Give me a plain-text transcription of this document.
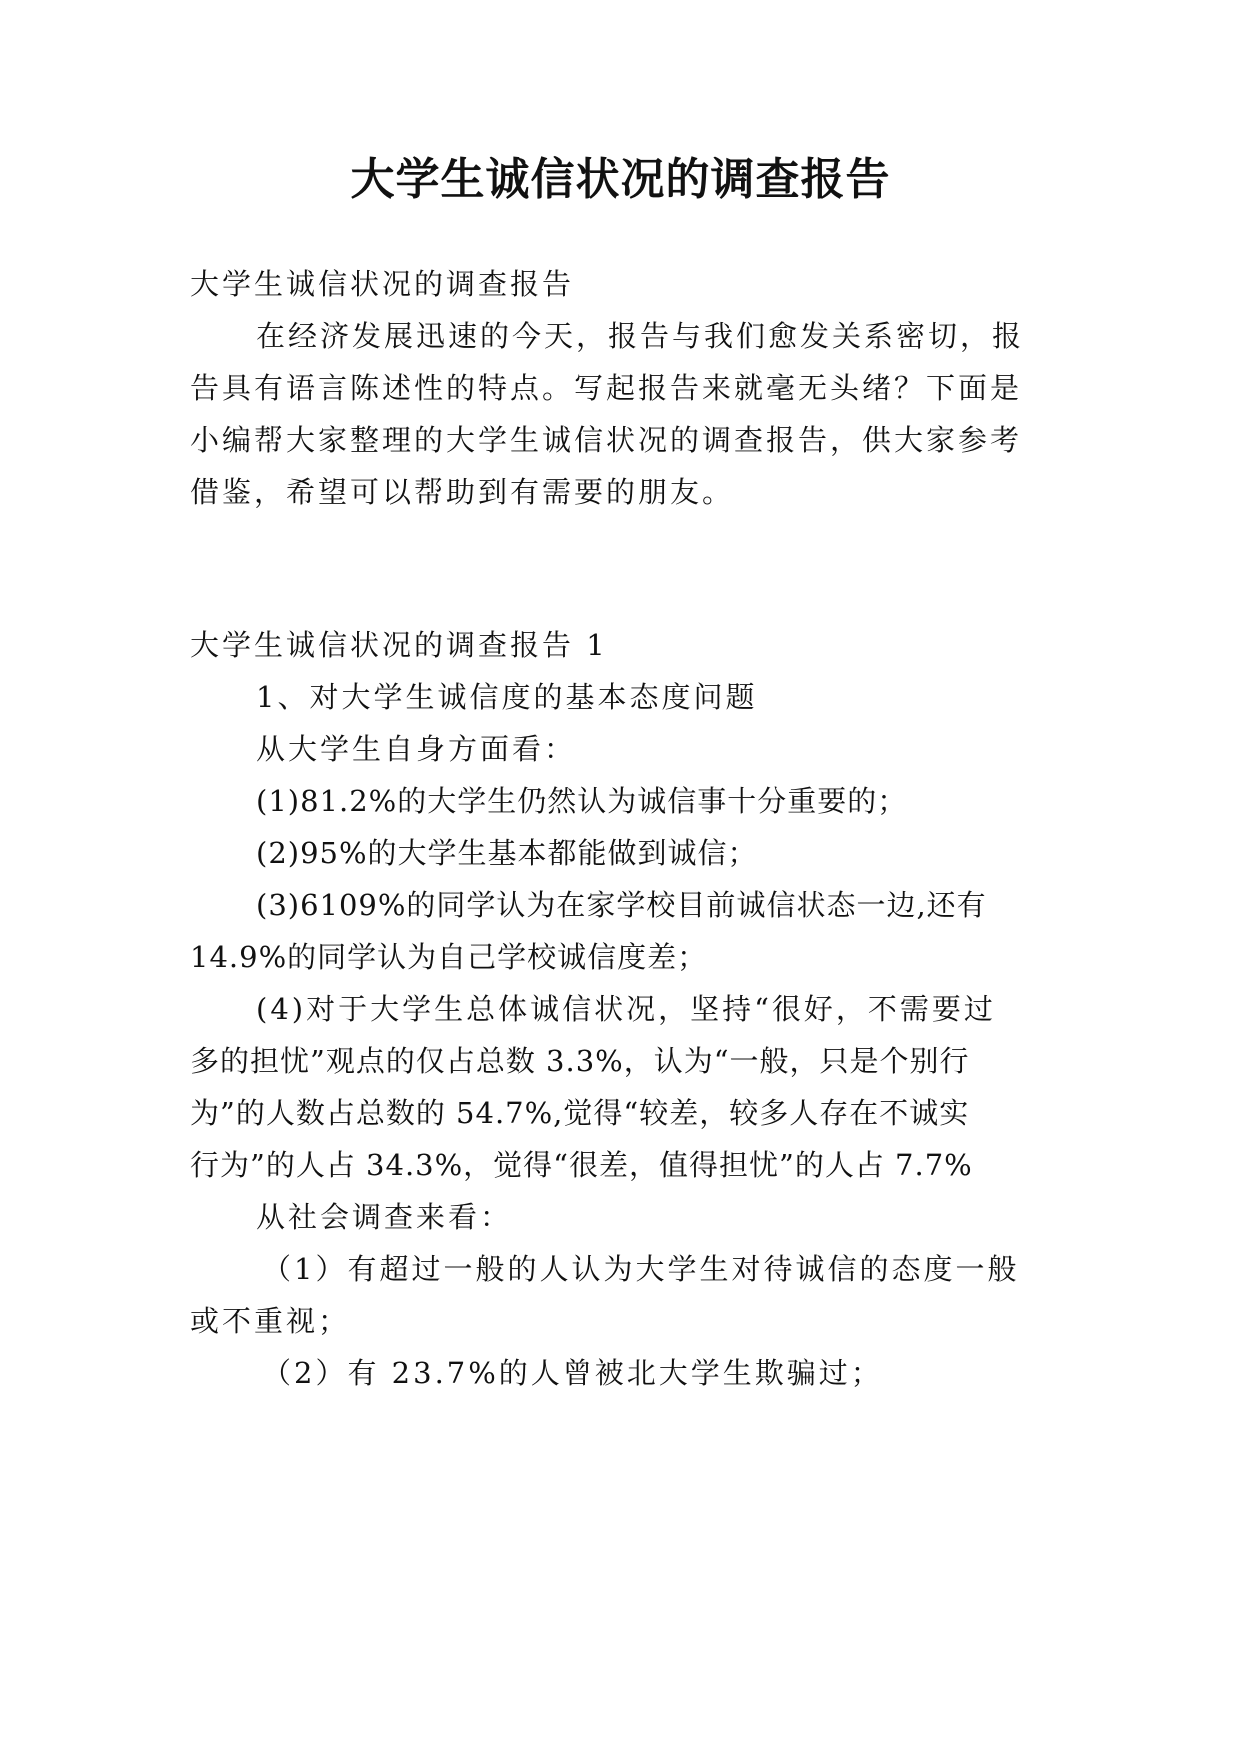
大学生诚信状况的调查报告
大学生诚信状况的调查报告
在经济发展迅速的今天，报告与我们愈发关系密切，报
告具有语言陈述性的特点。写起报告来就毫无头绪？下面是
小编帮大家整理的大学生诚信状况的调查报告，供大家参考
借鉴，希望可以帮助到有需要的朋友。
大学生诚信状况的调查报告 1
1、对大学生诚信度的基本态度问题
从大学生自身方面看：
(1)81.2%的大学生仍然认为诚信事十分重要的；
(2)95%的大学生基本都能做到诚信；
(3)6109%的同学认为在家学校目前诚信状态一边,还有
14.9%的同学认为自己学校诚信度差；
(4)对于大学生总体诚信状况，坚持“很好，不需要过
多的担忧”观点的仅占总数 3.3%，认为“一般，只是个别行
为”的人数占总数的 54.7%,觉得“较差，较多人存在不诚实
行为”的人占 34.3%，觉得“很差，值得担忧”的人占 7.7%
从社会调查来看：
（1）有超过一般的人认为大学生对待诚信的态度一般
或不重视；
（2）有 23.7%的人曾被北大学生欺骗过；
